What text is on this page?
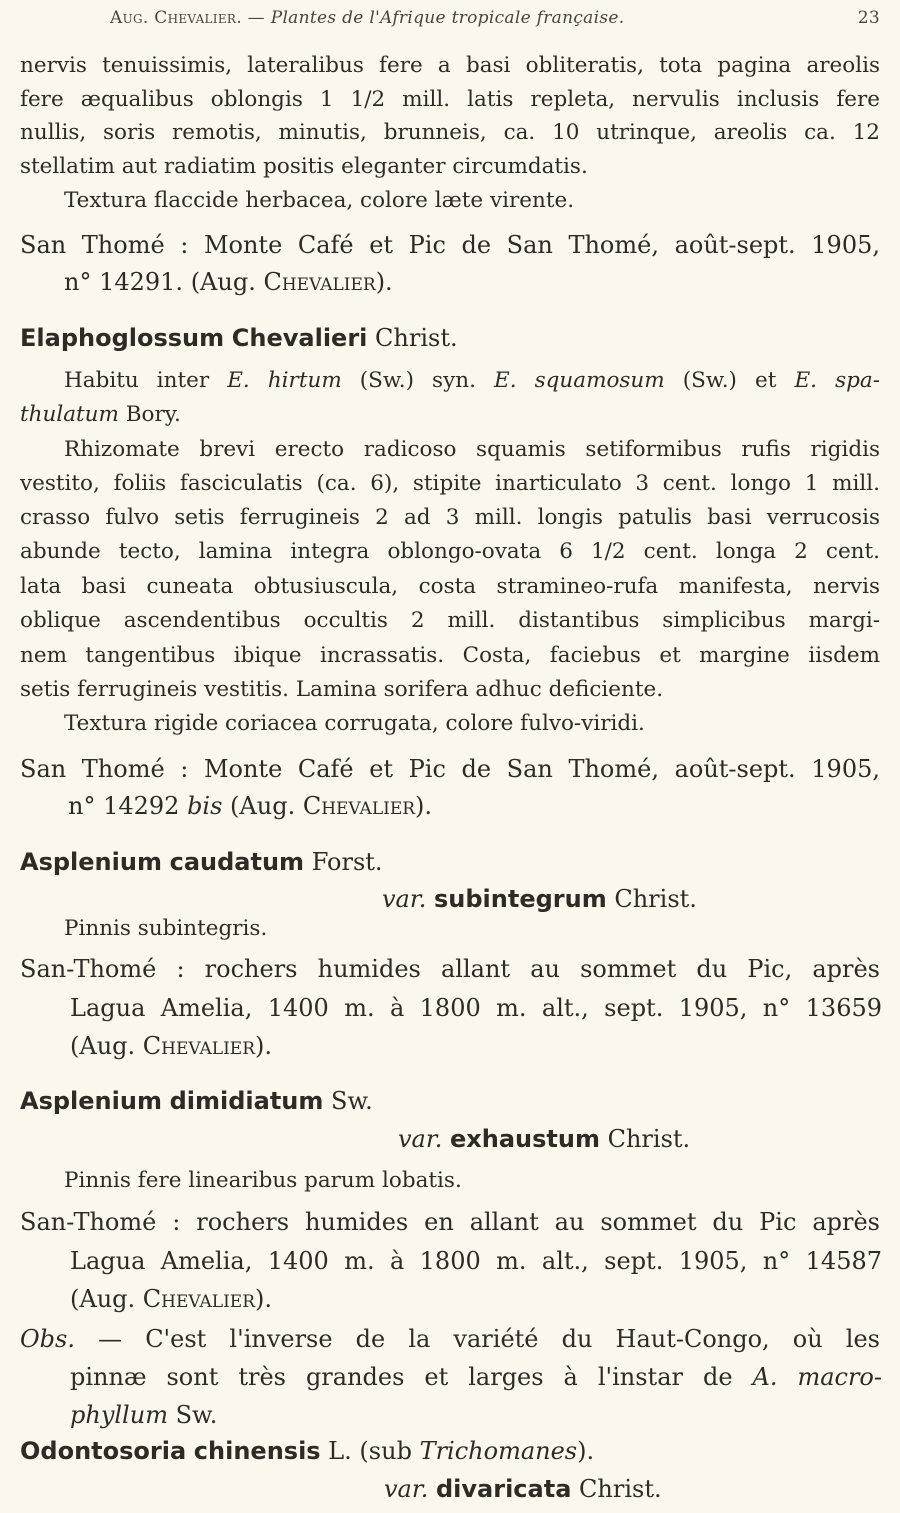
Aug. Chevalier. — Plantes de l'Afrique tropicale française.	23
nervis tenuissimis, lateralibus fere a basi obliteratis, tota pagina areolis
fere æqualibus oblongis 1 1/2 mill. latis repleta, nervulis inclusis fere
nullis, soris remotis, minutis, brunneis, ca. 10 utrinque, areolis ca. 12
stellatim aut radiatim positis eleganter circumdatis.
Textura flaccide herbacea, colore læte virente.
San Thomé : Monte Café et Pic de San Thomé, août-sept. 1905,
n° 14291. (Aug. Chevalier).
Elaphoglossum Chevalieri Christ.
Habitu inter E. hirtum (Sw.) syn. E. squamosum (Sw.) et E. spa-
thulatum Bory.
Rhizomate brevi erecto radicoso squamis setiformibus rufis rigidis
vestito, foliis fasciculatis (ca. 6), stipite inarticulato 3 cent. longo 1 mill.
crasso fulvo setis ferrugineis 2 ad 3 mill. longis patulis basi verrucosis
abunde tecto, lamina integra oblongo-ovata 6 1/2 cent. longa 2 cent.
lata basi cuneata obtusiuscula, costa stramineo-rufa manifesta, nervis
oblique ascendentibus occultis 2 mill. distantibus simplicibus margi-
nem tangentibus ibique incrassatis. Costa, faciebus et margine iisdem
setis ferrugineis vestitis. Lamina sorifera adhuc deficiente.
Textura rigide coriacea corrugata, colore fulvo-viridi.
San Thomé : Monte Café et Pic de San Thomé, août-sept. 1905,
n° 14292 bis (Aug. Chevalier).
Asplenium caudatum Forst.
var. subintegrum Christ.
Pinnis subintegris.
San-Thomé : rochers humides allant au sommet du Pic, après
Lagua Amelia, 1400 m. à 1800 m. alt., sept. 1905, n° 13659
(Aug. Chevalier).
Asplenium dimidiatum Sw.
var. exhaustum Christ.
Pinnis fere linearibus parum lobatis.
San-Thomé : rochers humides en allant au sommet du Pic après
Lagua Amelia, 1400 m. à 1800 m. alt., sept. 1905, n° 14587
(Aug. Chevalier).
Obs. — C'est l'inverse de la variété du Haut-Congo, où les
pinnæ sont très grandes et larges à l'instar de A. macro-
phyllum Sw.
Odontosoria chinensis L. (sub Trichomanes).
var. divaricata Christ.
